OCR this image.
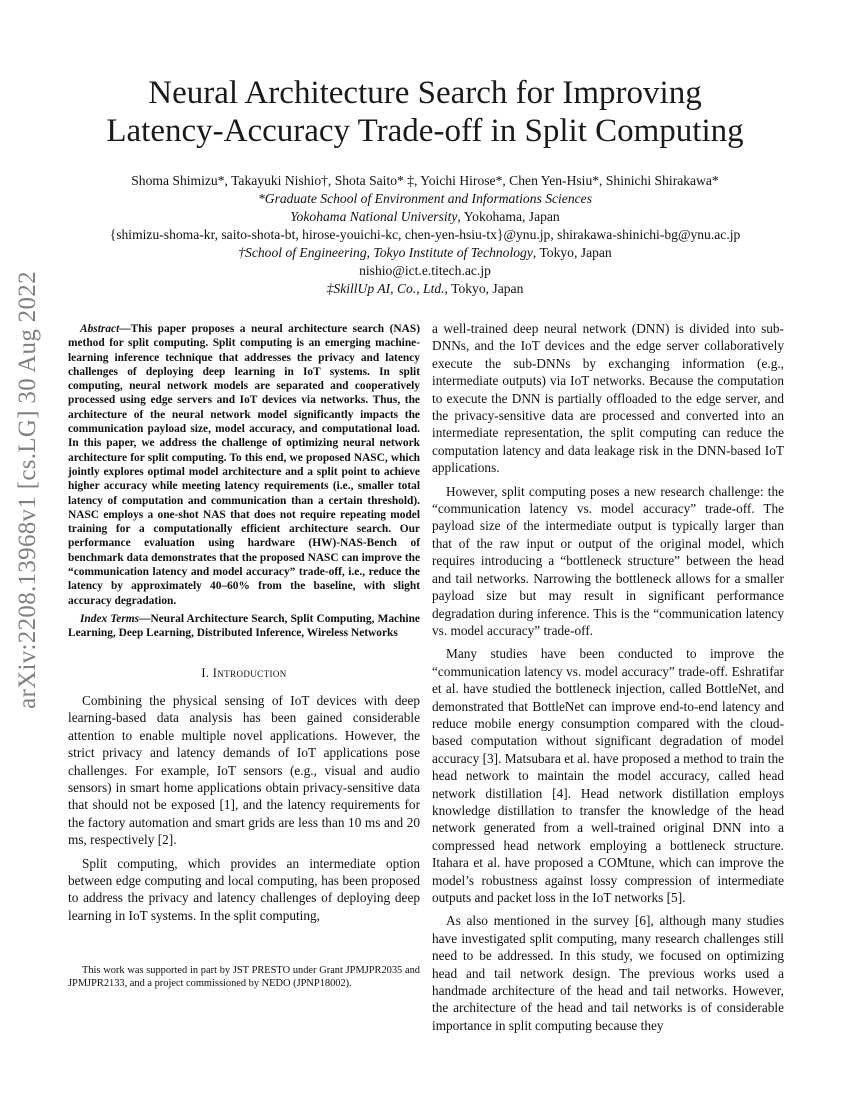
arXiv:2208.13968v1 [cs.LG] 30 Aug 2022
Neural Architecture Search for Improving
Latency-Accuracy Trade-off in Split Computing
Shoma Shimizu*, Takayuki Nishio†, Shota Saito* ‡, Yoichi Hirose*, Chen Yen-Hsiu*, Shinichi Shirakawa*
*Graduate School of Environment and Informations Sciences
Yokohama National University, Yokohama, Japan
{shimizu-shoma-kr, saito-shota-bt, hirose-youichi-kc, chen-yen-hsiu-tx}@ynu.jp, shirakawa-shinichi-bg@ynu.ac.jp
†School of Engineering, Tokyo Institute of Technology, Tokyo, Japan
nishio@ict.e.titech.ac.jp
‡SkillUp AI, Co., Ltd., Tokyo, Japan

Abstract—This paper proposes a neural architecture search (NAS) method for split computing. Split computing is an emerging machine-learning inference technique that addresses the privacy and latency challenges of deploying deep learning in IoT systems. In split computing, neural network models are separated and cooperatively processed using edge servers and IoT devices via networks. Thus, the architecture of the neural network model significantly impacts the communication payload size, model accuracy, and computational load. In this paper, we address the challenge of optimizing neural network architecture for split computing. To this end, we proposed NASC, which jointly explores optimal model architecture and a split point to achieve higher accuracy while meeting latency requirements (i.e., smaller total latency of computation and communication than a certain threshold). NASC employs a one-shot NAS that does not require repeating model training for a computationally efficient architecture search. Our performance evaluation using hardware (HW)-NAS-Bench of benchmark data demonstrates that the proposed NASC can improve the “communication latency and model accuracy” trade-off, i.e., reduce the latency by approximately 40–60% from the baseline, with slight accuracy degradation.

Index Terms—Neural Architecture Search, Split Computing, Machine Learning, Deep Learning, Distributed Inference, Wireless Networks

I. Introduction

Combining the physical sensing of IoT devices with deep learning-based data analysis has been gained considerable attention to enable multiple novel applications. However, the strict privacy and latency demands of IoT applications pose challenges. For example, IoT sensors (e.g., visual and audio sensors) in smart home applications obtain privacy-sensitive data that should not be exposed [1], and the latency requirements for the factory automation and smart grids are less than 10 ms and 20 ms, respectively [2].

Split computing, which provides an intermediate option between edge computing and local computing, has been proposed to address the privacy and latency challenges of deploying deep learning in IoT systems. In the split computing,

This work was supported in part by JST PRESTO under Grant JPMJPR2035 and JPMJPR2133, and a project commissioned by NEDO (JPNP18002).

a well-trained deep neural network (DNN) is divided into sub-DNNs, and the IoT devices and the edge server collaboratively execute the sub-DNNs by exchanging information (e.g., intermediate outputs) via IoT networks. Because the computation to execute the DNN is partially offloaded to the edge server, and the privacy-sensitive data are processed and converted into an intermediate representation, the split computing can reduce the computation latency and data leakage risk in the DNN-based IoT applications.

However, split computing poses a new research challenge: the “communication latency vs. model accuracy” trade-off. The payload size of the intermediate output is typically larger than that of the raw input or output of the original model, which requires introducing a “bottleneck structure” between the head and tail networks. Narrowing the bottleneck allows for a smaller payload size but may result in significant performance degradation during inference. This is the “communication latency vs. model accuracy” trade-off.

Many studies have been conducted to improve the “communication latency vs. model accuracy” trade-off. Eshratifar et al. have studied the bottleneck injection, called BottleNet, and demonstrated that BottleNet can improve end-to-end latency and reduce mobile energy consumption compared with the cloud-based computation without significant degradation of model accuracy [3]. Matsubara et al. have proposed a method to train the head network to maintain the model accuracy, called head network distillation [4]. Head network distillation employs knowledge distillation to transfer the knowledge of the head network generated from a well-trained original DNN into a compressed head network employing a bottleneck structure. Itahara et al. have proposed a COMtune, which can improve the model’s robustness against lossy compression of intermediate outputs and packet loss in the IoT networks [5].

As also mentioned in the survey [6], although many studies have investigated split computing, many research challenges still need to be addressed. In this study, we focused on optimizing head and tail network design. The previous works used a handmade architecture of the head and tail networks. However, the architecture of the head and tail networks is of considerable importance in split computing because they
